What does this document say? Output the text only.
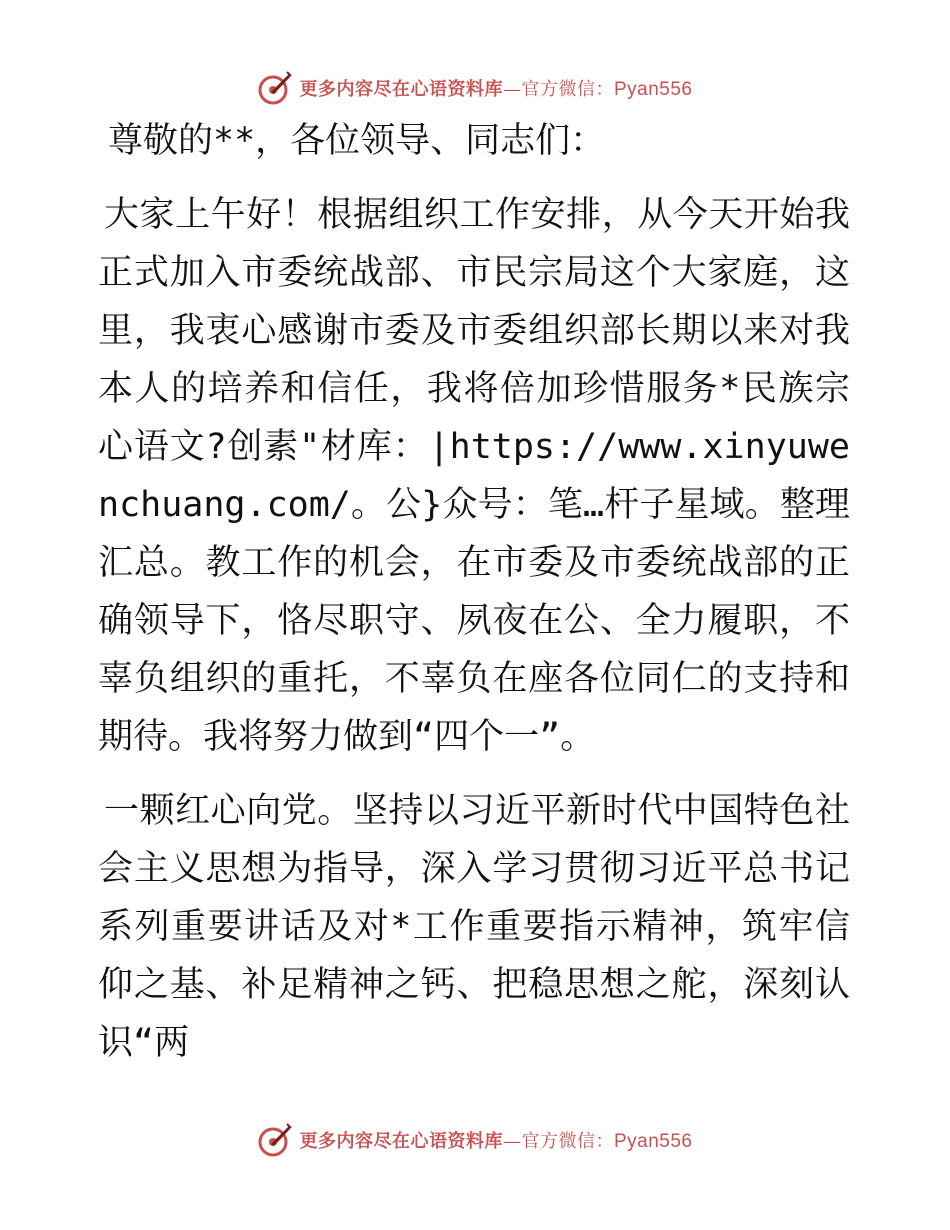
更多内容尽在心语资料库—官方微信：Pyan556

尊敬的**，各位领导、同志们：

大家上午好！根据组织工作安排，从今天开始我正式加入市委统战部、市民宗局这个大家庭，这里，我衷心感谢市委及市委组织部长期以来对我本人的培养和信任，我将倍加珍惜服务*民族宗心语文?创素"材库：|https://www.xinyuwenchuang.com/。公}众号：笔…杆子星域。整理汇总。教工作的机会，在市委及市委统战部的正确领导下，恪尽职守、夙夜在公、全力履职，不辜负组织的重托，不辜负在座各位同仁的支持和期待。我将努力做到“四个一”。

一颗红心向党。坚持以习近平新时代中国特色社会主义思想为指导，深入学习贯彻习近平总书记系列重要讲话及对*工作重要指示精神，筑牢信仰之基、补足精神之钙、把稳思想之舵，深刻认识“两

更多内容尽在心语资料库—官方微信：Pyan556
